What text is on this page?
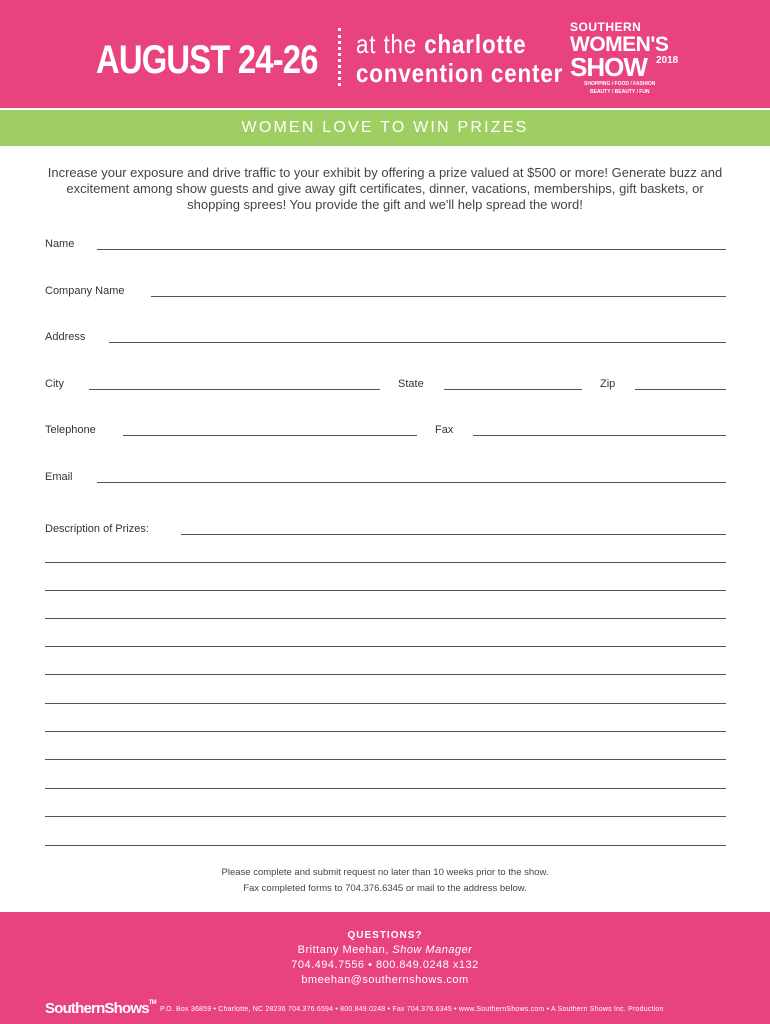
AUGUST 24-26 at the charlotte
convention center
SOUTHERN
WOMEN'S
SHOW 2018
SHOPPING / FOOD / FASHION
BEAUTY / BEAUTY / FUN
WOMEN LOVE TO WIN PRIZES
Increase your exposure and drive traffic to your exhibit by offering a prize valued at $500 or more! Generate buzz and excitement among show guests and give away gift certificates, dinner, vacations, memberships, gift baskets, or shopping sprees! You provide the gift and we'll help spread the word!
Name
Company Name
Address
City	State	Zip
Telephone	Fax
Email
Description of Prizes:
Please complete and submit request no later than 10 weeks prior to the show.
Fax completed forms to 704.376.6345 or mail to the address below.
QUESTIONS?
Brittany Meehan, Show Manager
704.494.7556 • 800.849.0248 x132
bmeehan@southernshows.com
SouthernShows™
P.O. Box 36859 • Charlotte, NC 28236 704.376.6594 • 800.849.0248 • Fax 704.376.6345 • www.SouthernShows.com • A Southern Shows Inc. Production
